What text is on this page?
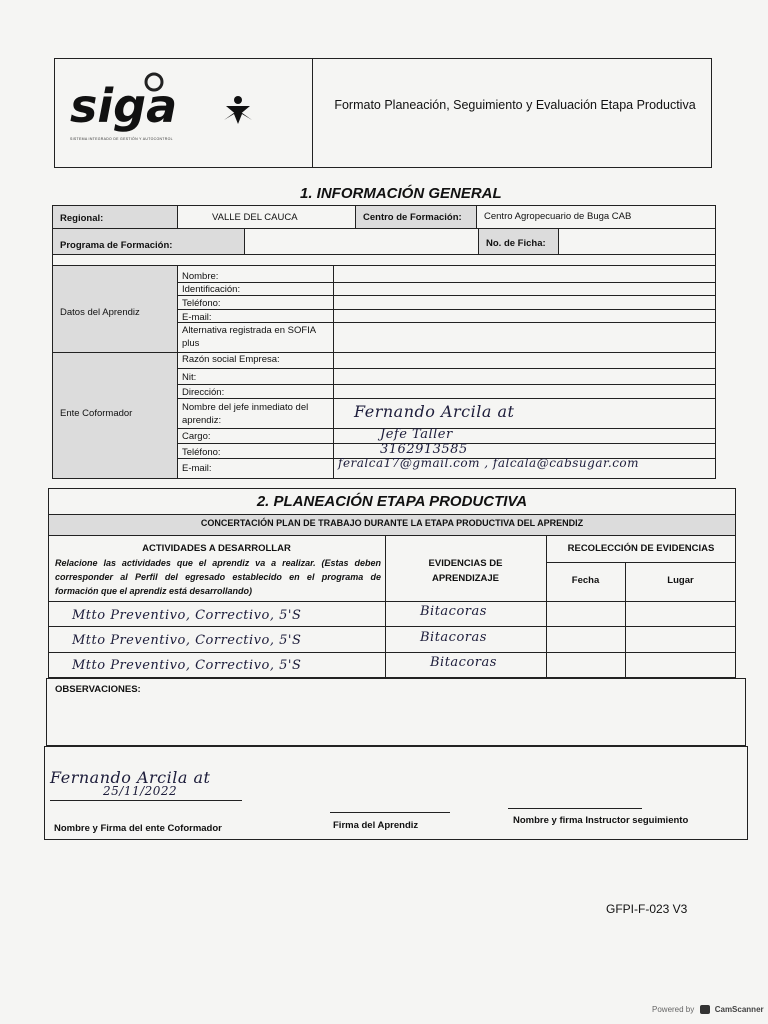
siga
SISTEMA INTEGRADO DE GESTIÓN Y AUTOCONTROL
Formato Planeación, Seguimiento y Evaluación Etapa Productiva
1. INFORMACIÓN GENERAL
Regional:	VALLE DEL CAUCA	Centro de Formación: Centro Agropecuario de Buga CAB
Programa de Formación:	No. de Ficha:
Datos del Aprendiz
Nombre:
Identificación:
Teléfono:
E-mail:
Alternativa registrada en SOFIA plus
Ente Coformador
Razón social Empresa:
Nit:
Dirección:
Nombre del jefe inmediato del aprendiz:	Fernando Arcila at
Cargo:	Jefe Taller
Teléfono:	3162913585
E-mail:	feralca17@gmail.com , falcala@cabsugar.com
2. PLANEACIÓN ETAPA PRODUCTIVA
CONCERTACIÓN PLAN DE TRABAJO DURANTE LA ETAPA PRODUCTIVA DEL APRENDIZ
ACTIVIDADES A DESARROLLAR
Relacione las actividades que el aprendiz va a realizar. (Estas deben corresponder al Perfil del egresado establecido en el programa de formación que el aprendiz está desarrollando)
EVIDENCIAS DE APRENDIZAJE
RECOLECCIÓN DE EVIDENCIAS
Fecha	Lugar
Mtto Preventivo, Correctivo, 5'S	Bitacoras
Mtto Preventivo, Correctivo, 5'S	Bitacoras
Mtto Preventivo, Correctivo, 5'S	Bitacoras
OBSERVACIONES:
Fernando Arcila at
25/11/2022
Nombre y Firma del ente Coformador	Firma del Aprendiz	Nombre y firma Instructor seguimiento
GFPI-F-023 V3
Powered by	CamScanner
